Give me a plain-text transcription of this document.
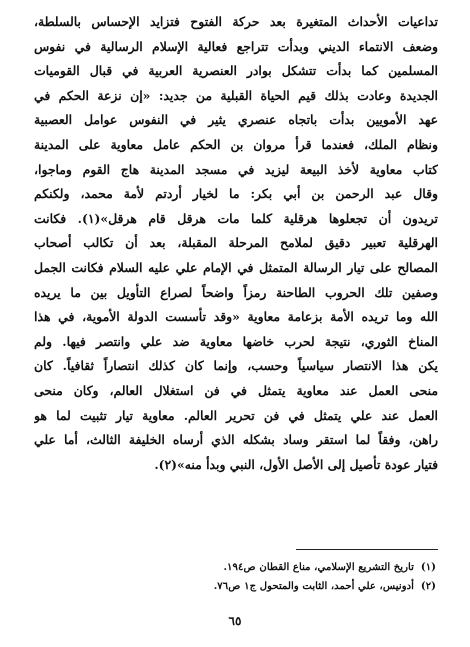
تداعيات الأحداث المتغيرة بعد حركة الفتوح فتزايد الإحساس بالسلطة،
وضعف الانتماء الديني وبدأت تتراجع فعالية الإسلام الرسالية في نفوس
المسلمين كما بدأت تتشكل بوادر العنصرية العربية في قبال القوميات
الجديدة وعادت بذلك قيم الحياة القبلية من جديد: «إن نزعة الحكم في
عهد الأمويين بدأت باتجاه عنصري يثير في النفوس عوامل العصبية
ونظام الملك، فعندما قرأ مروان بن الحكم عامل معاوية على المدينة
كتاب معاوية لأخذ البيعة ليزيد في مسجد المدينة هاج القوم وماجوا،
وقال عبد الرحمن بن أبي بكر: ما لخيار أردتم لأمة محمد، ولكنكم
تريدون أن تجعلوها هرقلية كلما مات هرقل قام هرقل»(١). فكانت
الهرقلية تعبير دقيق لملامح المرحلة المقبلة، بعد أن تكالب أصحاب
المصالح على تيار الرسالة المتمثل في الإمام علي عليه السلام فكانت الجمل
وصفين تلك الحروب الطاحنة رمزاً واضحاً لصراع التأويل بين ما يريده
الله وما تريده الأمة بزعامة معاوية «وقد تأسست الدولة الأموية، في هذا
المناخ الثوري، نتيجة لحرب خاضها معاوية ضد علي وانتصر فيها. ولم
يكن هذا الانتصار سياسياً وحسب، وإنما كان كذلك انتصاراً ثقافياً. كان
منحى العمل عند معاوية يتمثل في فن استغلال العالم، وكان منحى
العمل عند علي يتمثل في فن تحرير العالم. معاوية تيار تثبيت لما هو
راهن، وفقاً لما استقر وساد بشكله الذي أرساه الخليفة الثالث، أما علي
فتيار عودة تأصيل إلى الأصل الأول، النبي وبدأ منه»(٢).
(١)تاريخ التشريع الإسلامي، مناع القطان ص١٩٤.
(٢)أدونيس، علي أحمد، الثابت والمتحول ج١ ص٧٦.
٦٥
